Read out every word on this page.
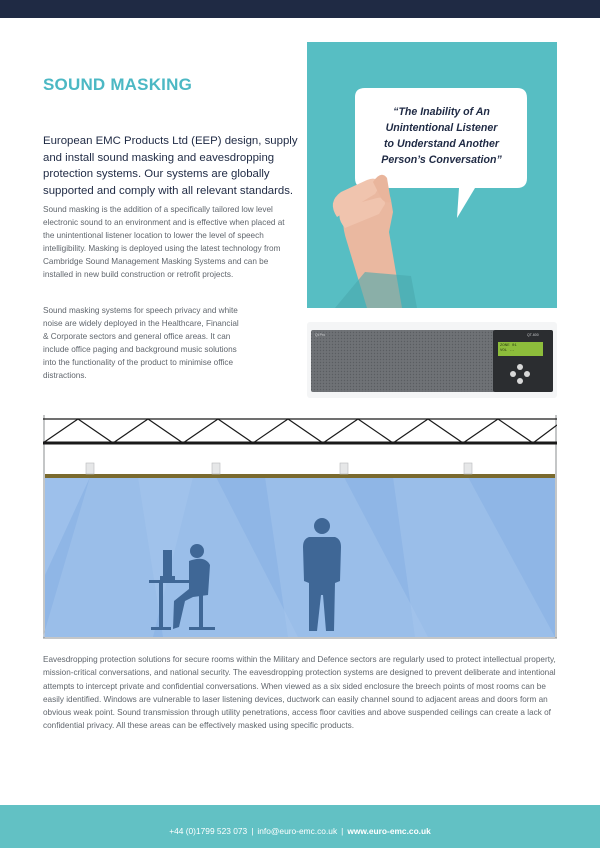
SOUND MASKING

European EMC Products Ltd (EEP) design, supply and install sound masking and eavesdropping protection systems. Our systems are globally supported and comply with all relevant standards.

Sound masking is the addition of a specifically tailored low level electronic sound to an environment and is effective when placed at the unintentional listener location to lower the level of speech intelligibility. Masking is deployed using the latest technology from Cambridge Sound Management Masking Systems and can be installed in new build construction or retrofit projects.

Sound masking systems for speech privacy and white noise are widely deployed in the Healthcare, Financial & Corporate sectors and general office areas. It can include office paging and background music solutions into the functionality of the product to minimise office distractions.

“The Inability of An
Unintentional Listener
to Understand Another
Person’s Conversation”
Qt Pro	QT-600
ZONE 01
VOL --

Eavesdropping protection solutions for secure rooms within the Military and Defence sectors are regularly used to protect intellectual property, mission-critical conversations, and national security. The eavesdropping protection systems are designed to prevent deliberate and intentional attempts to intercept private and confidential conversations. When viewed as a six sided enclosure the breech points of most rooms can be easily identified. Windows are vulnerable to laser listening devices, ductwork can easily channel sound to adjacent areas and doors form an obvious weak point. Sound transmission through utility penetrations, access floor cavities and above suspended ceilings can create a lack of confidential privacy. All these areas can be effectively masked using specific products.

+44 (0)1799 523 073 | info@euro-emc.co.uk | www.euro-emc.co.uk
